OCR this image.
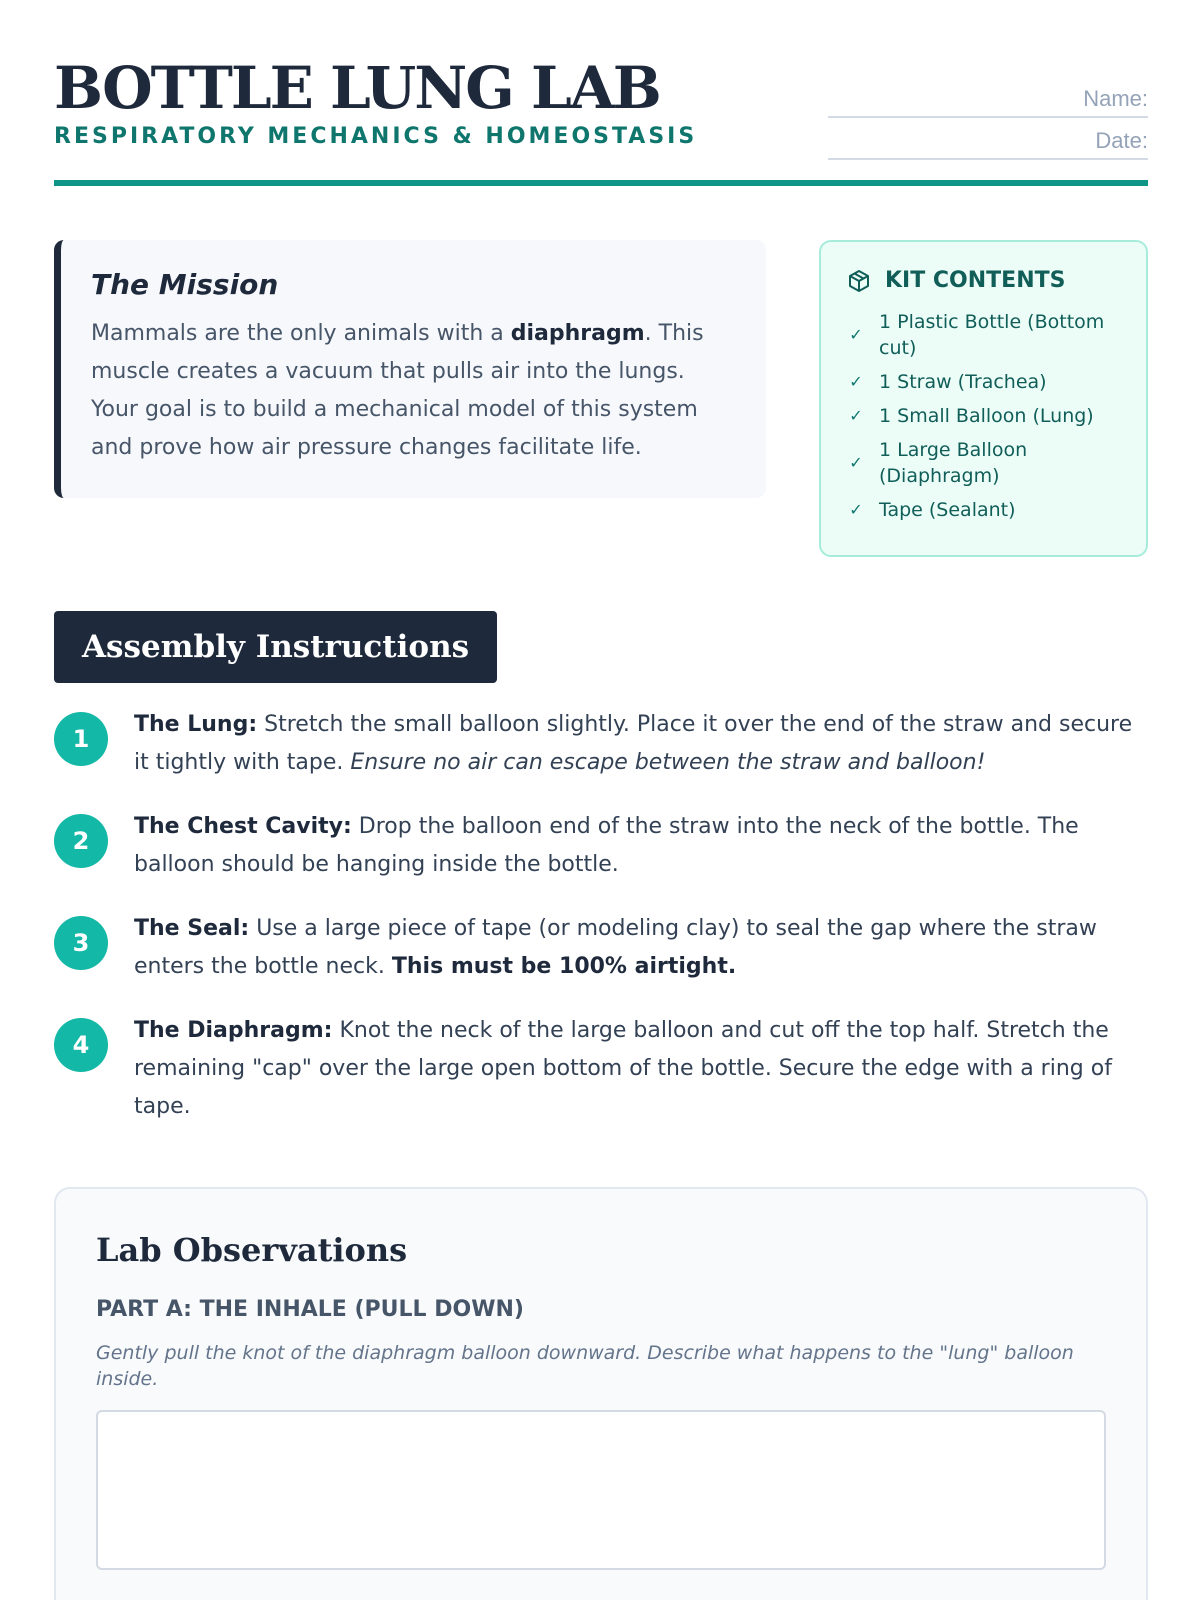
BOTTLE LUNG LAB
RESPIRATORY MECHANICS & HOMEOSTASIS
Name:
Date:
The Mission
Mammals are the only animals with a diaphragm. This muscle creates a vacuum that pulls air into the lungs. Your goal is to build a mechanical model of this system and prove how air pressure changes facilitate life.
KIT CONTENTS
✓
1 Plastic Bottle (Bottom cut)
✓ 1 Straw (Trachea)
✓ 1 Small Balloon (Lung)
✓
1 Large Balloon (Diaphragm)
✓ Tape (Sealant)
Assembly Instructions
1
The Lung: Stretch the small balloon slightly. Place it over the end of the straw and secure it tightly with tape. Ensure no air can escape between the straw and balloon!
2
The Chest Cavity: Drop the balloon end of the straw into the neck of the bottle. The balloon should be hanging inside the bottle.
3
The Seal: Use a large piece of tape (or modeling clay) to seal the gap where the straw enters the bottle neck. This must be 100% airtight.
4
The Diaphragm: Knot the neck of the large balloon and cut off the top half. Stretch the remaining "cap" over the large open bottom of the bottle. Secure the edge with a ring of tape.
Lab Observations
PART A: THE INHALE (PULL DOWN)
Gently pull the knot of the diaphragm balloon downward. Describe what happens to the "lung" balloon inside.
